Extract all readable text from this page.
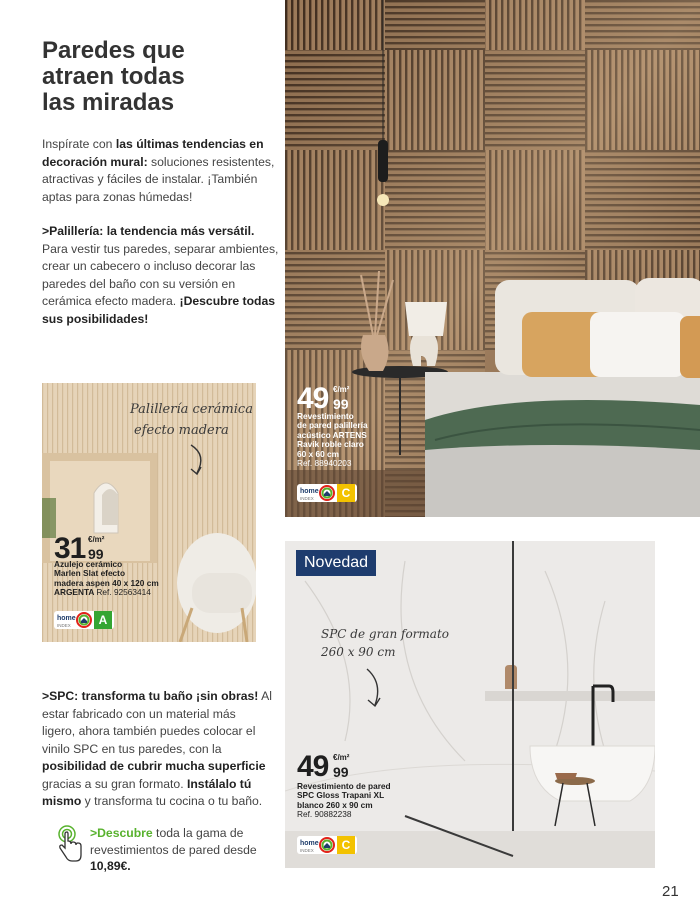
Paredes que
atraen todas
las miradas

Inspírate con las últimas tendencias en decoración mural: soluciones resistentes, atractivas y fáciles de instalar. ¡También aptas para zonas húmedas!

>Palillería: la tendencia más versátil. Para vestir tus paredes, separar ambientes, crear un cabecero o incluso decorar las paredes del baño con su versión en cerámica efecto madera. ¡Descubre todas sus posibilidades!

Palillería cerámica
efecto madera
31 €/m²
99
Azulejo cerámico
Marlen Slat efecto
madera aspen 40 x 120 cm
ARGENTA Ref. 92563414
home
INDEX	A

>SPC: transforma tu baño ¡sin obras! Al estar fabricado con un material más ligero, ahora también puedes colocar el vinilo SPC en tus paredes, con la posibilidad de cubrir mucha superficie gracias a su gran formato. Instálalo tú mismo y transforma tu cocina o tu baño.

>Descubre toda la gama de revestimientos de pared desde 10,89€.

49 €/m²
99
Revestimiento
de pared palillería
acústico ARTENS
Ravik roble claro
60 x 60 cm
Ref. 88940203
home
INDEX	C
SPC de gran formato
260 x 90 cm
49 €/m²
99
Revestimiento de pared
SPC Gloss Trapani XL
blanco 260 x 90 cm
Ref. 90882238
home
INDEX	C
Novedad
21
